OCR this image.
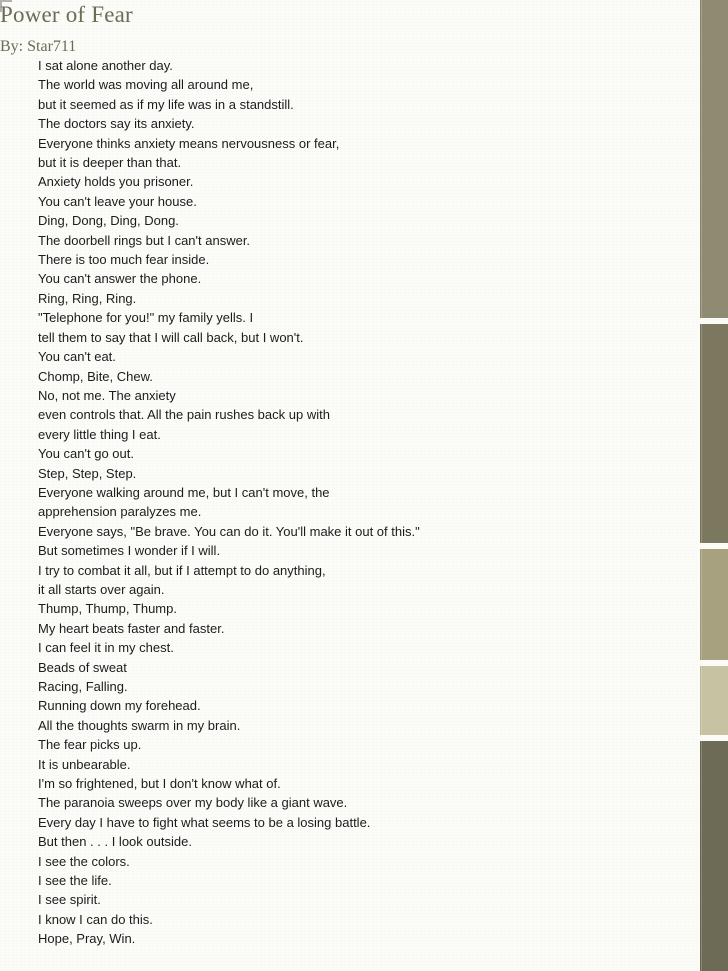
Power of Fear
By: Star711
I sat alone another day.
The world was moving all around me,
but it seemed as if my life was in a standstill.
The doctors say its anxiety.
Everyone thinks anxiety means nervousness or fear,
but it is deeper than that.
Anxiety holds you prisoner.
You can't leave your house.
Ding, Dong, Ding, Dong.
The doorbell rings but I can't answer.
There is too much fear inside.
You can't answer the phone.
Ring, Ring, Ring.
"Telephone for you!" my family yells. I
tell them to say that I will call back, but I won't.
You can't eat.
Chomp, Bite, Chew.
No, not me. The anxiety
even controls that. All the pain rushes back up with
every little thing I eat.
You can't go out.
Step, Step, Step.
Everyone walking around me, but I can't move, the
apprehension paralyzes me.
Everyone says, "Be brave. You can do it. You'll make it out of this."
But sometimes I wonder if I will.
I try to combat it all, but if I attempt to do anything,
it all starts over again.
Thump, Thump, Thump.
My heart beats faster and faster.
I can feel it in my chest.
Beads of sweat
Racing, Falling.
Running down my forehead.
All the thoughts swarm in my brain.
The fear picks up.
It is unbearable.
I'm so frightened, but I don't know what of.
The paranoia sweeps over my body like a giant wave.
Every day I have to fight what seems to be a losing battle.
But then . . . I look outside.
I see the colors.
I see the life.
I see spirit.
I know I can do this.
Hope, Pray, Win.
